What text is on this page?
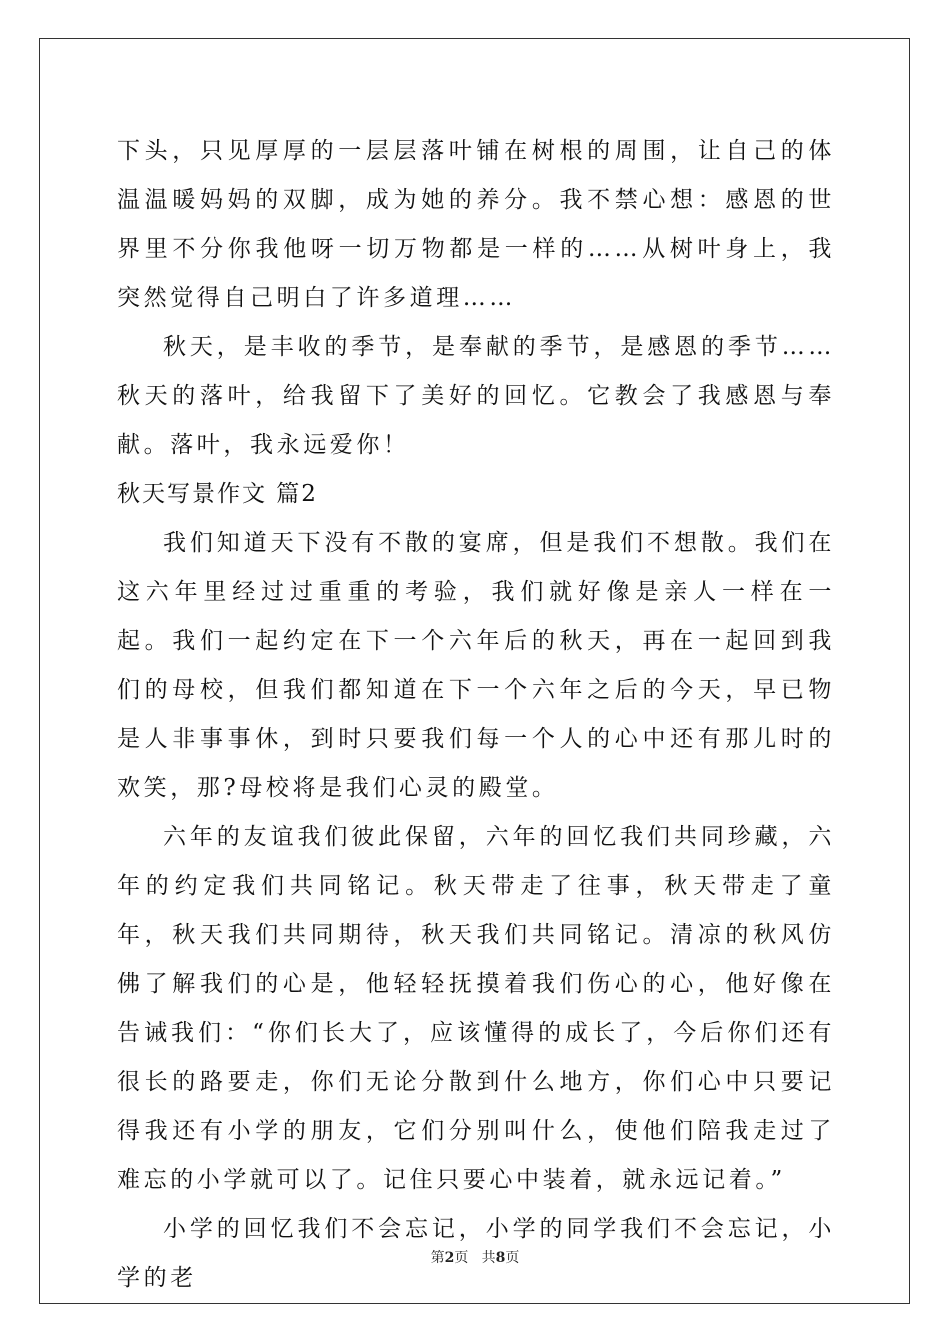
下头，只见厚厚的一层层落叶铺在树根的周围，让自己的体温温暖妈妈的双脚，成为她的养分。我不禁心想：感恩的世界里不分你我他呀一切万物都是一样的……从树叶身上，我突然觉得自己明白了许多道理……

秋天，是丰收的季节，是奉献的季节，是感恩的季节……秋天的落叶，给我留下了美好的回忆。它教会了我感恩与奉献。落叶，我永远爱你！

秋天写景作文 篇2

我们知道天下没有不散的宴席，但是我们不想散。我们在这六年里经过过重重的考验，我们就好像是亲人一样在一起。我们一起约定在下一个六年后的秋天，再在一起回到我们的母校，但我们都知道在下一个六年之后的今天，早已物是人非事事休，到时只要我们每一个人的心中还有那儿时的欢笑，那?母校将是我们心灵的殿堂。

六年的友谊我们彼此保留，六年的回忆我们共同珍藏，六年的约定我们共同铭记。秋天带走了往事，秋天带走了童年，秋天我们共同期待，秋天我们共同铭记。清凉的秋风仿佛了解我们的心是，他轻轻抚摸着我们伤心的心，他好像在告诫我们：“你们长大了，应该懂得的成长了，今后你们还有很长的路要走，你们无论分散到什么地方，你们心中只要记得我还有小学的朋友，它们分别叫什么，使他们陪我走过了难忘的小学就可以了。记住只要心中装着，就永远记着。”

小学的回忆我们不会忘记，小学的同学我们不会忘记，小学的老

第2页 共8页
